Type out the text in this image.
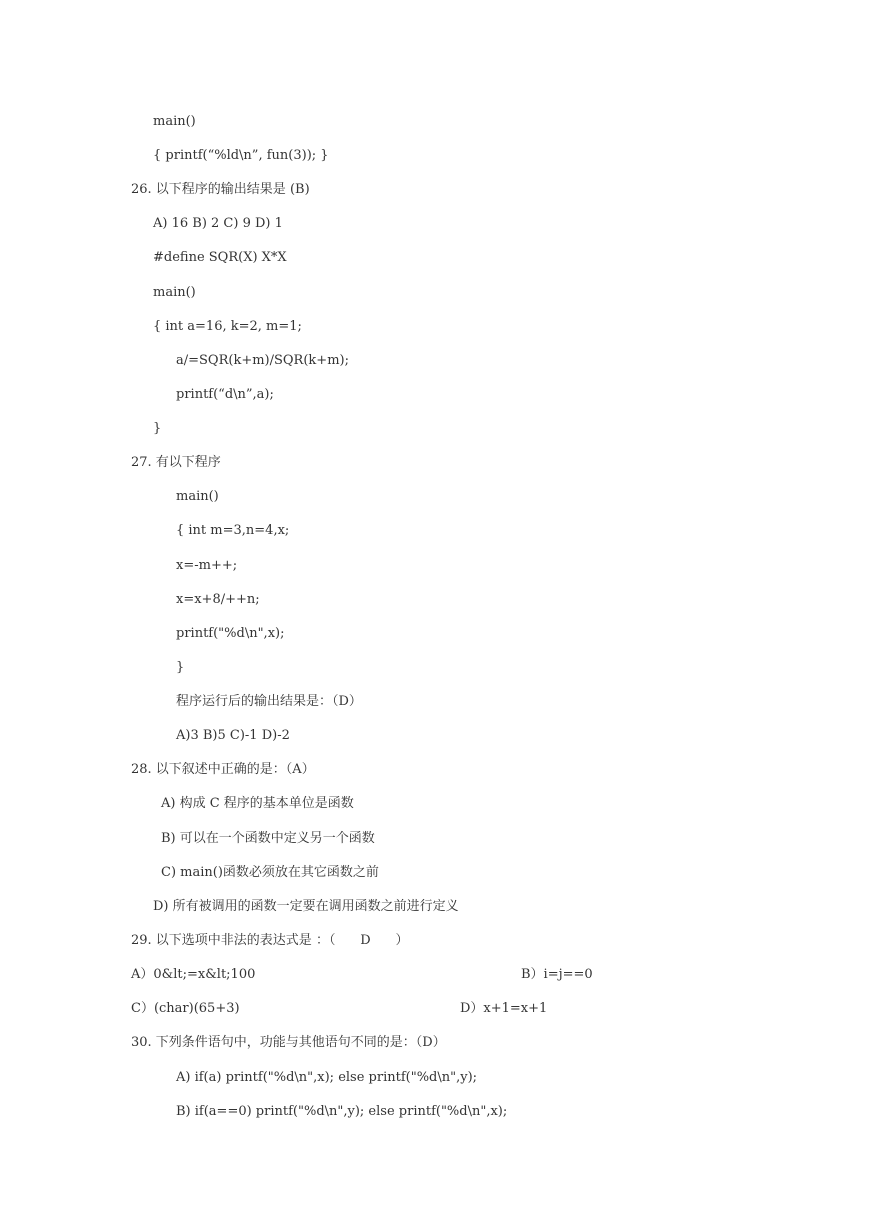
main()
{ printf(“%ld\n”, fun(3)); }
26. 以下程序的输出结果是 (B)
A) 16 B) 2 C) 9 D) 1
#define SQR(X) X*X
main()
{ int a=16, k=2, m=1;
a/=SQR(k+m)/SQR(k+m);
printf(“d\n”,a);
}
27. 有以下程序
main()
{ int m=3,n=4,x;
x=-m++;
x=x+8/++n;
printf("%d\n",x);
}
程序运行后的输出结果是：（D）
A)3 B)5 C)-1 D)-2
28. 以下叙述中正确的是：（A）
A) 构成 C 程序的基本单位是函数
B) 可以在一个函数中定义另一个函数
C) main()函数必须放在其它函数之前
D) 所有被调用的函数一定要在调用函数之前进行定义
29. 以下选项中非法的表达式是 ：（      D      ）
A）0&lt;=x&lt;100	B）i=j==0
C）(char)(65+3)	D）x+1=x+1
30. 下列条件语句中，功能与其他语句不同的是：（D）
A) if(a) printf("%d\n",x); else printf("%d\n",y);
B) if(a==0) printf("%d\n",y); else printf("%d\n",x);
